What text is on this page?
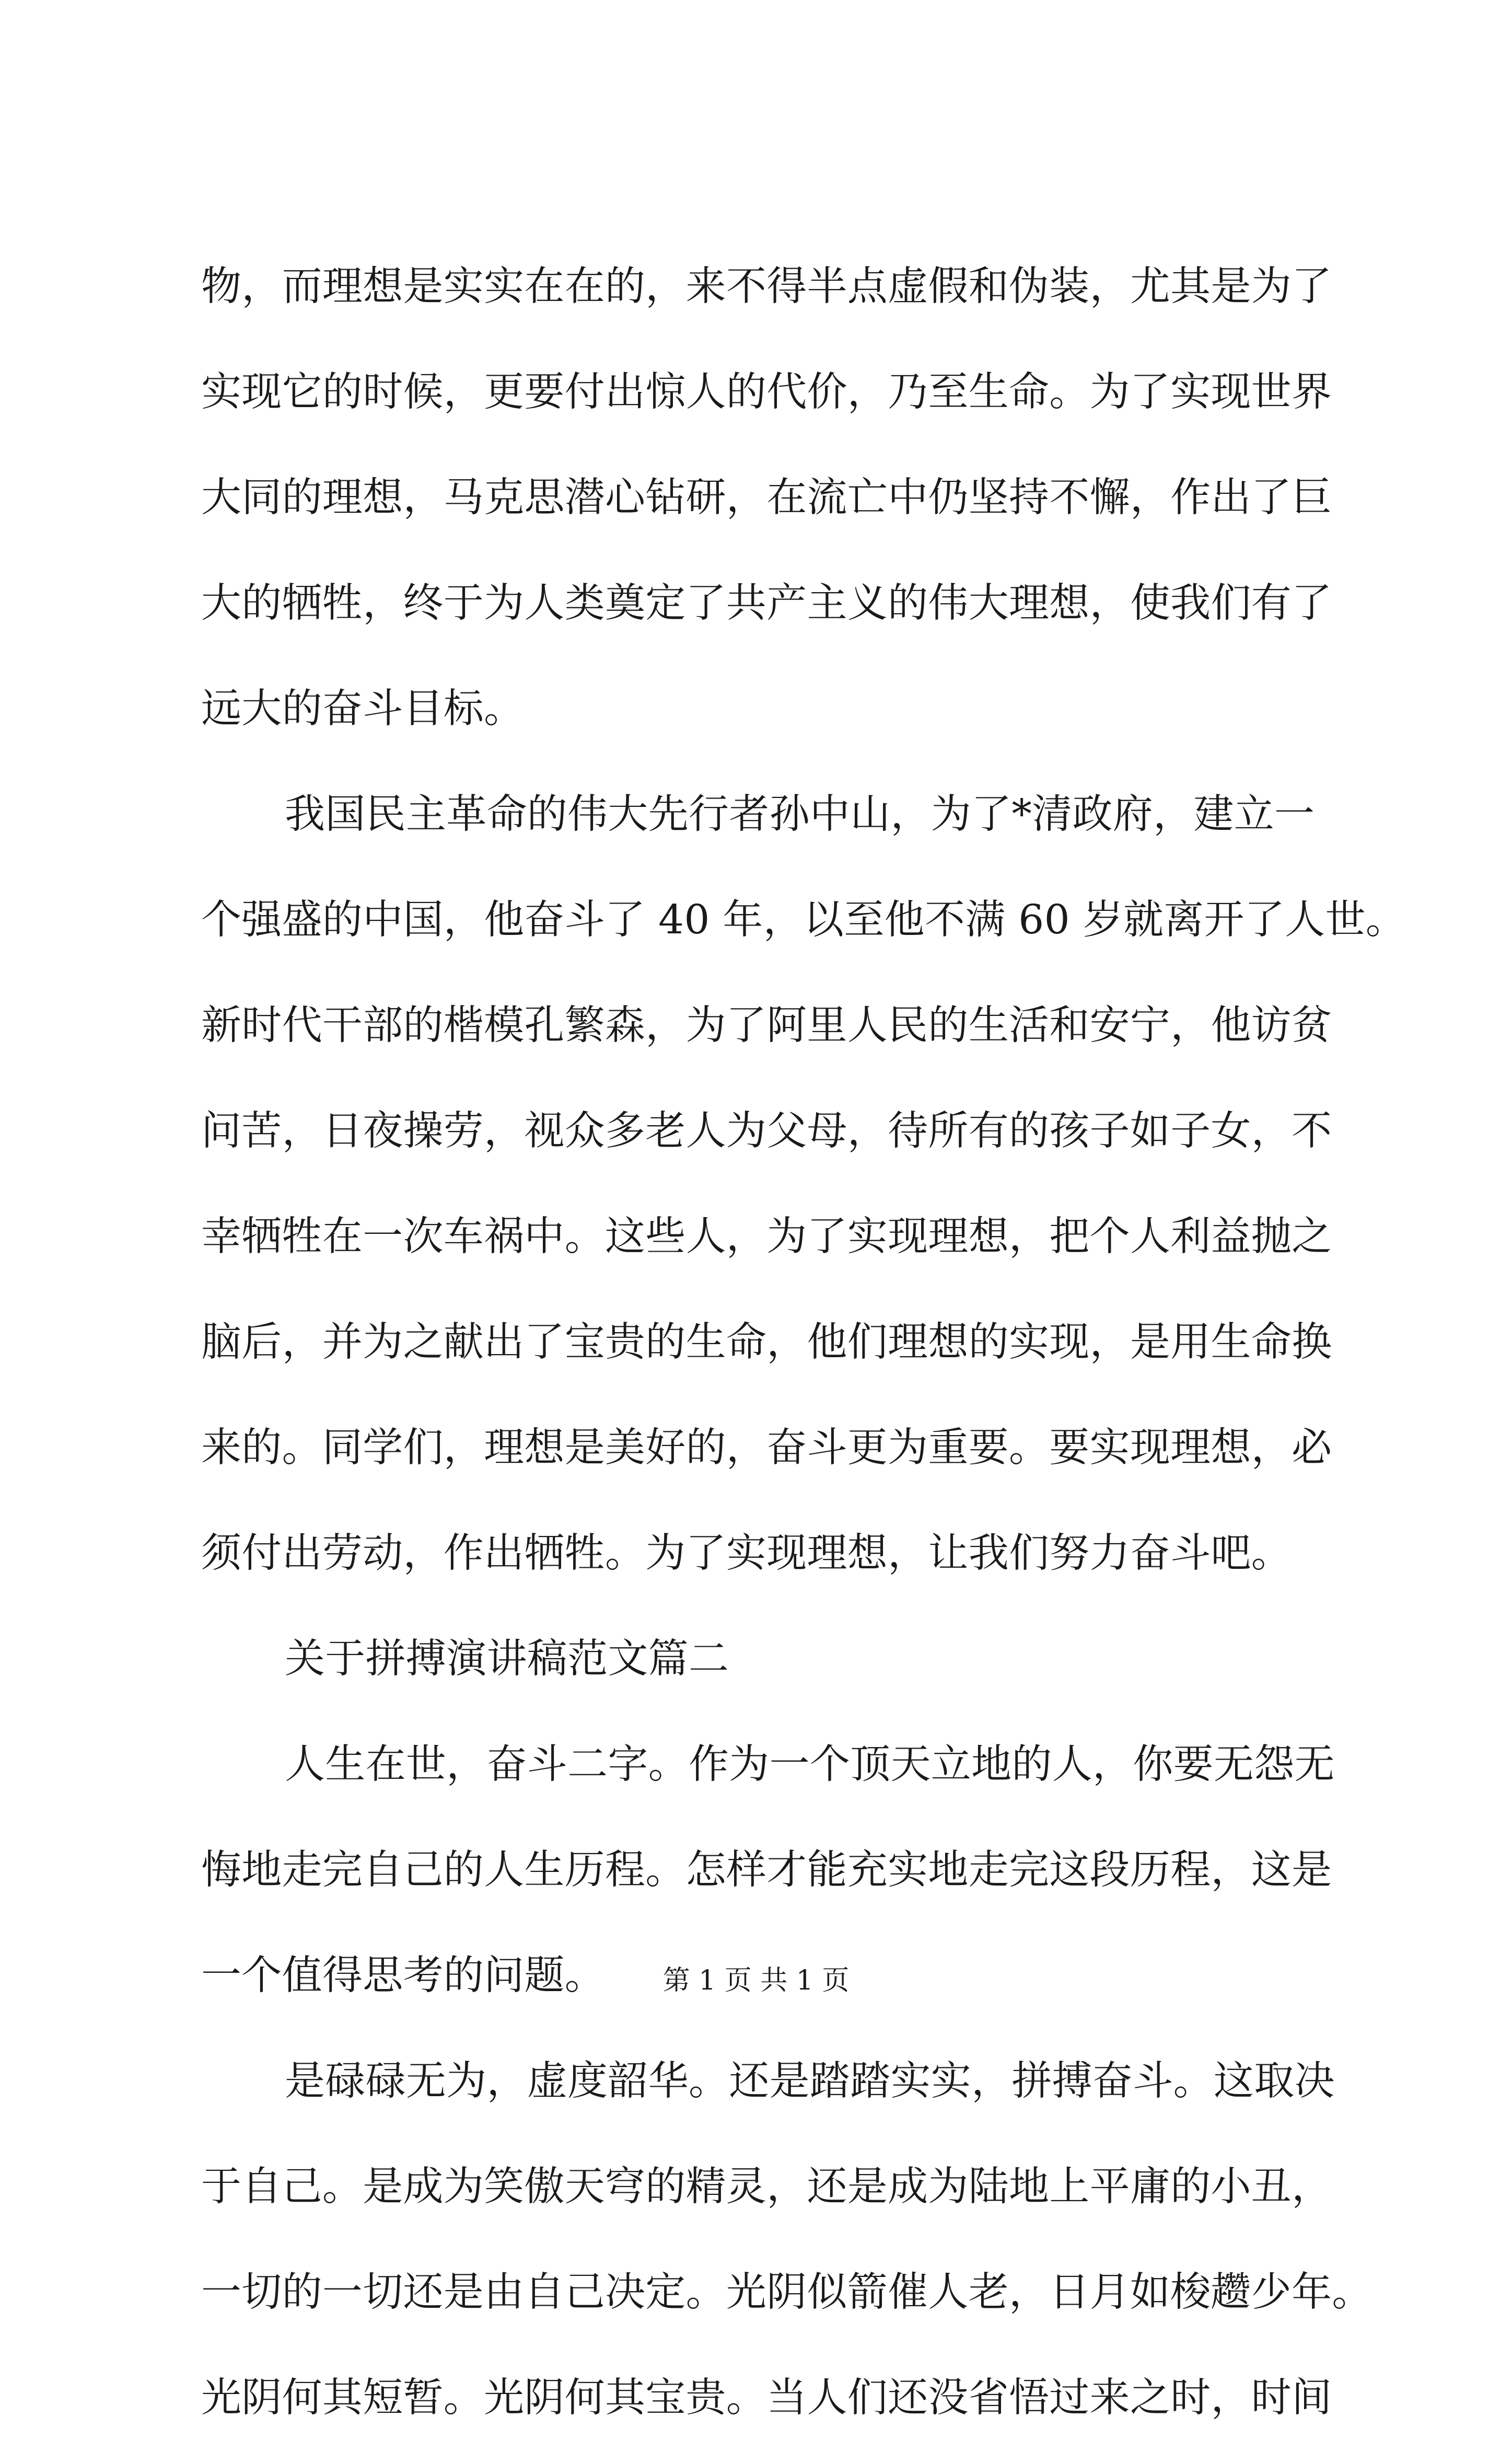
物，而理想是实实在在的，来不得半点虚假和伪装，尤其是为了
实现它的时候，更要付出惊人的代价，乃至生命。为了实现世界
大同的理想，马克思潜心钻研，在流亡中仍坚持不懈，作出了巨
大的牺牲，终于为人类奠定了共产主义的伟大理想，使我们有了
远大的奋斗目标。
我国民主革命的伟大先行者孙中山，为了*清政府，建立一
个强盛的中国，他奋斗了 40 年，以至他不满 60 岁就离开了人世。
新时代干部的楷模孔繁森，为了阿里人民的生活和安宁，他访贫
问苦，日夜操劳，视众多老人为父母，待所有的孩子如子女，不
幸牺牲在一次车祸中。这些人，为了实现理想，把个人利益抛之
脑后，并为之献出了宝贵的生命，他们理想的实现，是用生命换
来的。同学们，理想是美好的，奋斗更为重要。要实现理想，必
须付出劳动，作出牺牲。为了实现理想，让我们努力奋斗吧。
关于拼搏演讲稿范文篇二
人生在世，奋斗二字。作为一个顶天立地的人，你要无怨无
悔地走完自己的人生历程。怎样才能充实地走完这段历程，这是
一个值得思考的问题。
是碌碌无为，虚度韶华。还是踏踏实实，拼搏奋斗。这取决
于自己。是成为笑傲天穹的精灵，还是成为陆地上平庸的小丑，
一切的一切还是由自己决定。光阴似箭催人老，日月如梭趱少年。
光阴何其短暂。光阴何其宝贵。当人们还没省悟过来之时，时间
第 1 页 共 1 页
